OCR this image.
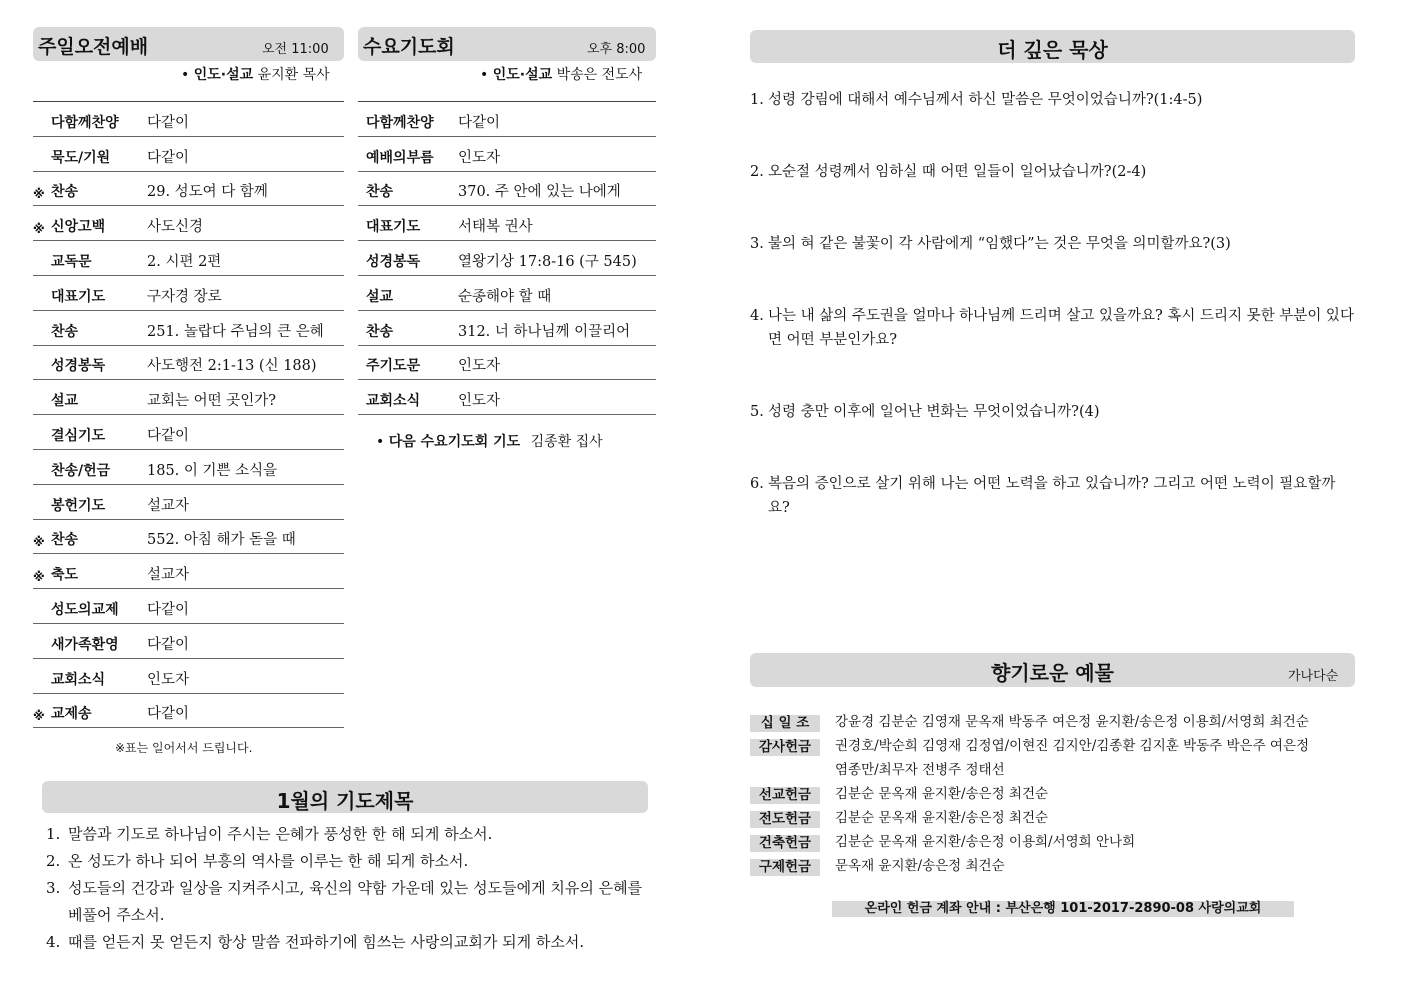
주일오전예배	오전 11:00
• 인도·설교 윤지환 목사
다함께찬양	다같이
묵도/기원	다같이
※ 찬송	29. 성도여 다 함께
※ 신앙고백	사도신경
교독문	2. 시편 2편
대표기도	구자경 장로
찬송	251. 놀랍다 주님의 큰 은혜
성경봉독	사도행전 2:1-13 (신 188)
설교	교회는 어떤 곳인가?
결심기도	다같이
찬송/헌금	185. 이 기쁜 소식을
봉헌기도	설교자
※ 찬송	552. 아침 해가 돋을 때
※ 축도	설교자
성도의교제	다같이
새가족환영	다같이
교회소식	인도자
※ 교제송	다같이
※표는 일어서서 드립니다.
수요기도회	오후 8:00
• 인도·설교 박송은 전도사
다함께찬양 다같이
예배의부름 인도자
찬송	370. 주 안에 있는 나에게
대표기도	서태복 권사
성경봉독	열왕기상 17:8-16 (구 545)
설교	순종해야 할 때
찬송	312. 너 하나님께 이끌리어
주기도문	인도자
교회소식	인도자
• 다음 수요기도회 기도 김종환 집사
1월의 기도제목
1. 말씀과 기도로 하나님이 주시는 은혜가 풍성한 한 해 되게 하소서.
2. 온 성도가 하나 되어 부흥의 역사를 이루는 한 해 되게 하소서.
3. 성도들의 건강과 일상을 지켜주시고, 육신의 약함 가운데 있는 성도들에게 치유의 은혜를 베풀어 주소서.
4. 때를 얻든지 못 얻든지 항상 말씀 전파하기에 힘쓰는 사랑의교회가 되게 하소서.
더 깊은 묵상
1. 성령 강림에 대해서 예수님께서 하신 말씀은 무엇이었습니까?(1:4-5)
2. 오순절 성령께서 임하실 때 어떤 일들이 일어났습니까?(2-4)
3. 불의 혀 같은 불꽃이 각 사람에게 “임했다”는 것은 무엇을 의미할까요?(3)
4. 나는 내 삶의 주도권을 얼마나 하나님께 드리며 살고 있을까요? 혹시 드리지 못한 부분이 있다면 어떤 부분인가요?
5. 성령 충만 이후에 일어난 변화는 무엇이었습니까?(4)
6. 복음의 증인으로 살기 위해 나는 어떤 노력을 하고 있습니까? 그리고 어떤 노력이 필요할까요?
향기로운 예물	가나다순
십 일 조	강윤경 김분순 김영재 문옥재 박동주 여은정 윤지환/송은정 이용희/서영희 최건순
감사헌금	권경호/박순희 김영재 김정엽/이현진 김지안/김종환 김지훈 박동주 박은주 여은정 염종만/최무자 전병주 정태선
선교헌금	김분순 문옥재 윤지환/송은정 최건순
전도헌금	김분순 문옥재 윤지환/송은정 최건순
건축헌금	김분순 문옥재 윤지환/송은정 이용희/서영희 안나희
구제헌금	문옥재 윤지환/송은정 최건순
온라인 헌금 계좌 안내 : 부산은행 101-2017-2890-08 사랑의교회
